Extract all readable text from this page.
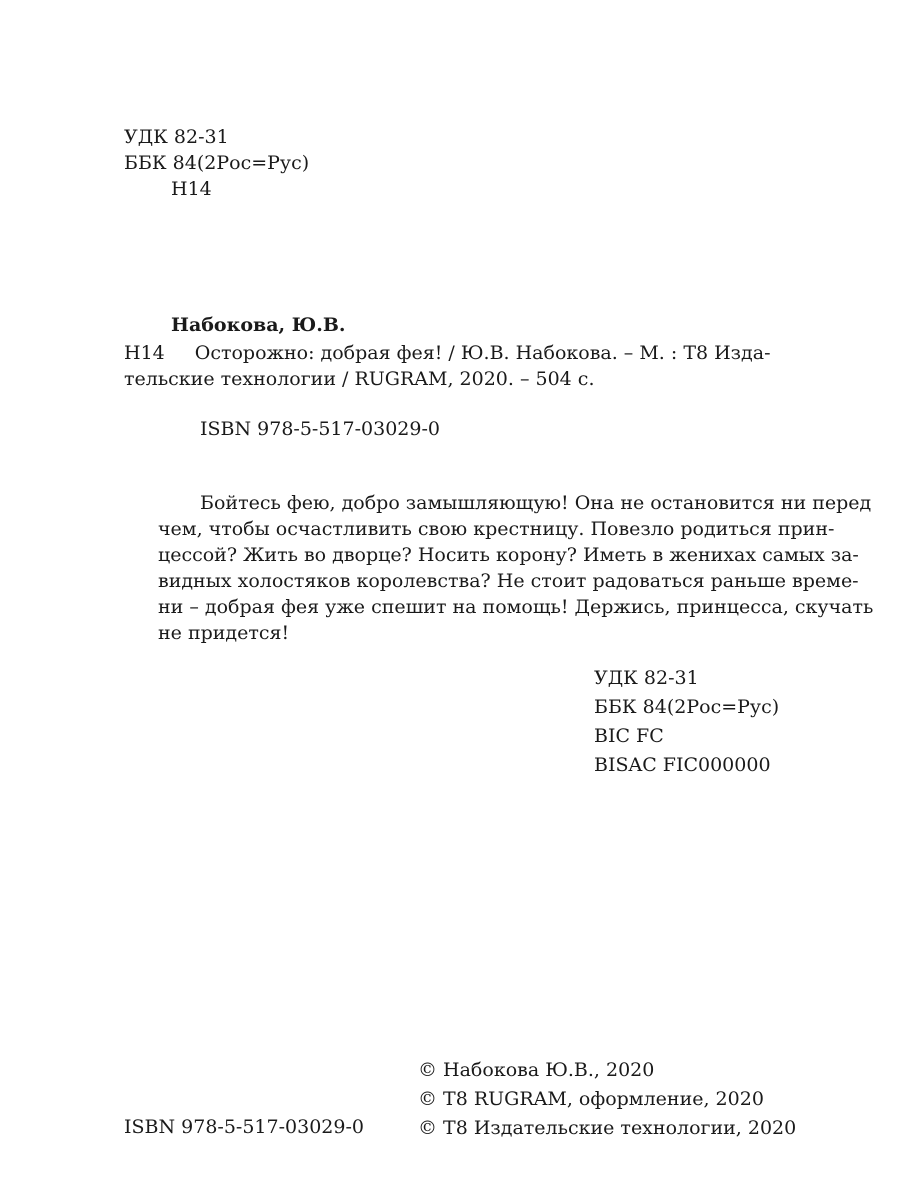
УДК 82-31
ББК 84(2Рос=Рус)
Н14
Набокова, Ю.В.
Н14 Осторожно: добрая фея! / Ю.В. Набокова. – М. : Т8 Изда-
тельские технологии / RUGRAM, 2020. – 504 с.
ISBN 978-5-517-03029-0
Бойтесь фею, добро замышляющую! Она не остановится ни перед
чем, чтобы осчастливить свою крестницу. Повезло родиться прин-
цессой? Жить во дворце? Носить корону? Иметь в женихах самых за-
видных холостяков королевства? Не стоит радоваться раньше време-
ни – добрая фея уже спешит на помощь! Держись, принцесса, скучать
не придется!
УДК 82-31
ББК 84(2Рос=Рус)
BIC FC
BISAC FIC000000
ISBN 978-5-517-03029-0
© Набокова Ю.В., 2020
© Т8 RUGRAM, оформление, 2020
© Т8 Издательские технологии, 2020
